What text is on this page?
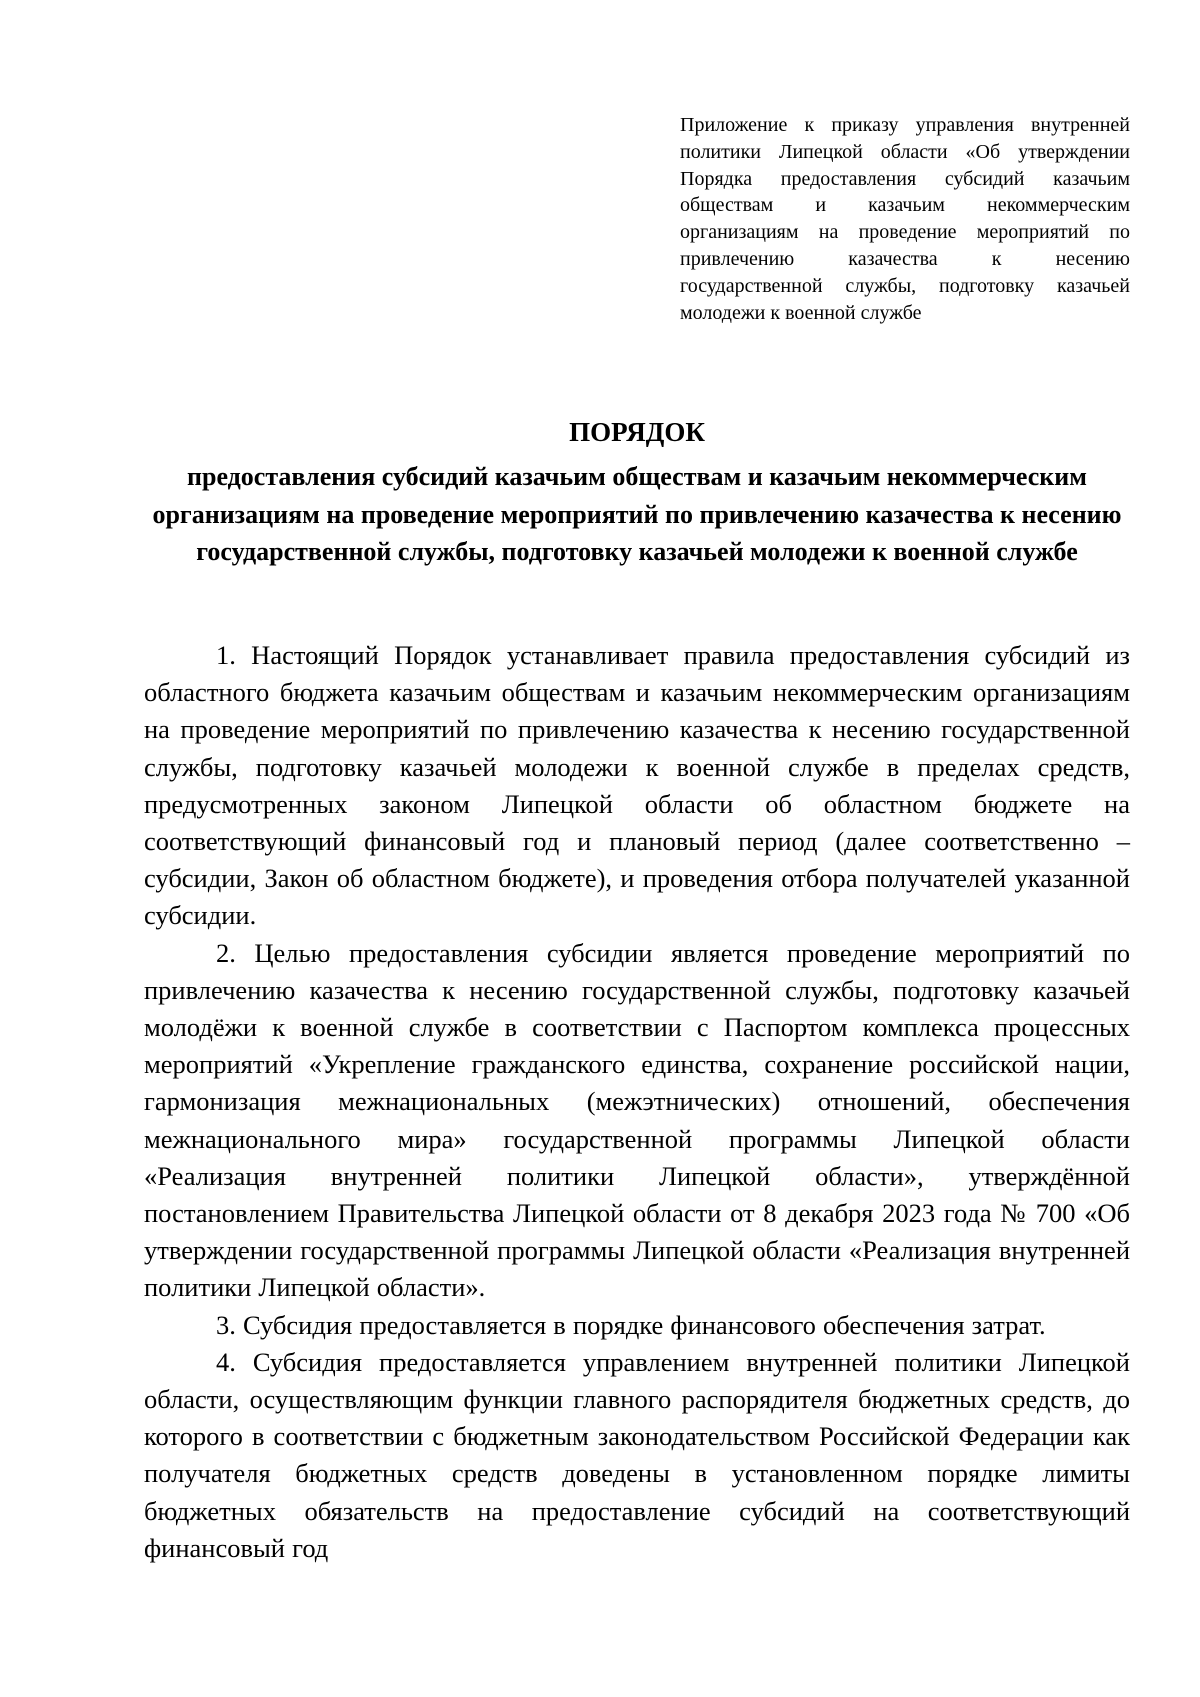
Приложение к приказу управления внутренней политики Липецкой области «Об утверждении Порядка предоставления субсидий казачьим обществам и казачьим некоммерческим организациям на проведение мероприятий по привлечению казачества к несению государственной службы, подготовку казачьей молодежи к военной службе
ПОРЯДОК
предоставления субсидий казачьим обществам и казачьим некоммерческим организациям на проведение мероприятий по привлечению казачества к несению государственной службы, подготовку казачьей молодежи к военной службе

1. Настоящий Порядок устанавливает правила предоставления субсидий из областного бюджета казачьим обществам и казачьим некоммерческим организациям на проведение мероприятий по привлечению казачества к несению государственной службы, подготовку казачьей молодежи к военной службе в пределах средств, предусмотренных законом Липецкой области об областном бюджете на соответствующий финансовый год и плановый период (далее соответственно – субсидии, Закон об областном бюджете), и проведения отбора получателей указанной субсидии.

2. Целью предоставления субсидии является проведение мероприятий по привлечению казачества к несению государственной службы, подготовку казачьей молодёжи к военной службе в соответствии с Паспортом комплекса процессных мероприятий «Укрепление гражданского единства, сохранение российской нации, гармонизация межнациональных (межэтнических) отношений, обеспечения межнационального мира» государственной программы Липецкой области «Реализация внутренней политики Липецкой области», утверждённой постановлением Правительства Липецкой области от 8 декабря 2023 года № 700 «Об утверждении государственной программы Липецкой области «Реализация внутренней политики Липецкой области».

3. Субсидия предоставляется в порядке финансового обеспечения затрат.

4. Субсидия предоставляется управлением внутренней политики Липецкой области, осуществляющим функции главного распорядителя бюджетных средств, до которого в соответствии с бюджетным законодательством Российской Федерации как получателя бюджетных средств доведены в установленном порядке лимиты бюджетных обязательств на предоставление субсидий на соответствующий финансовый год
